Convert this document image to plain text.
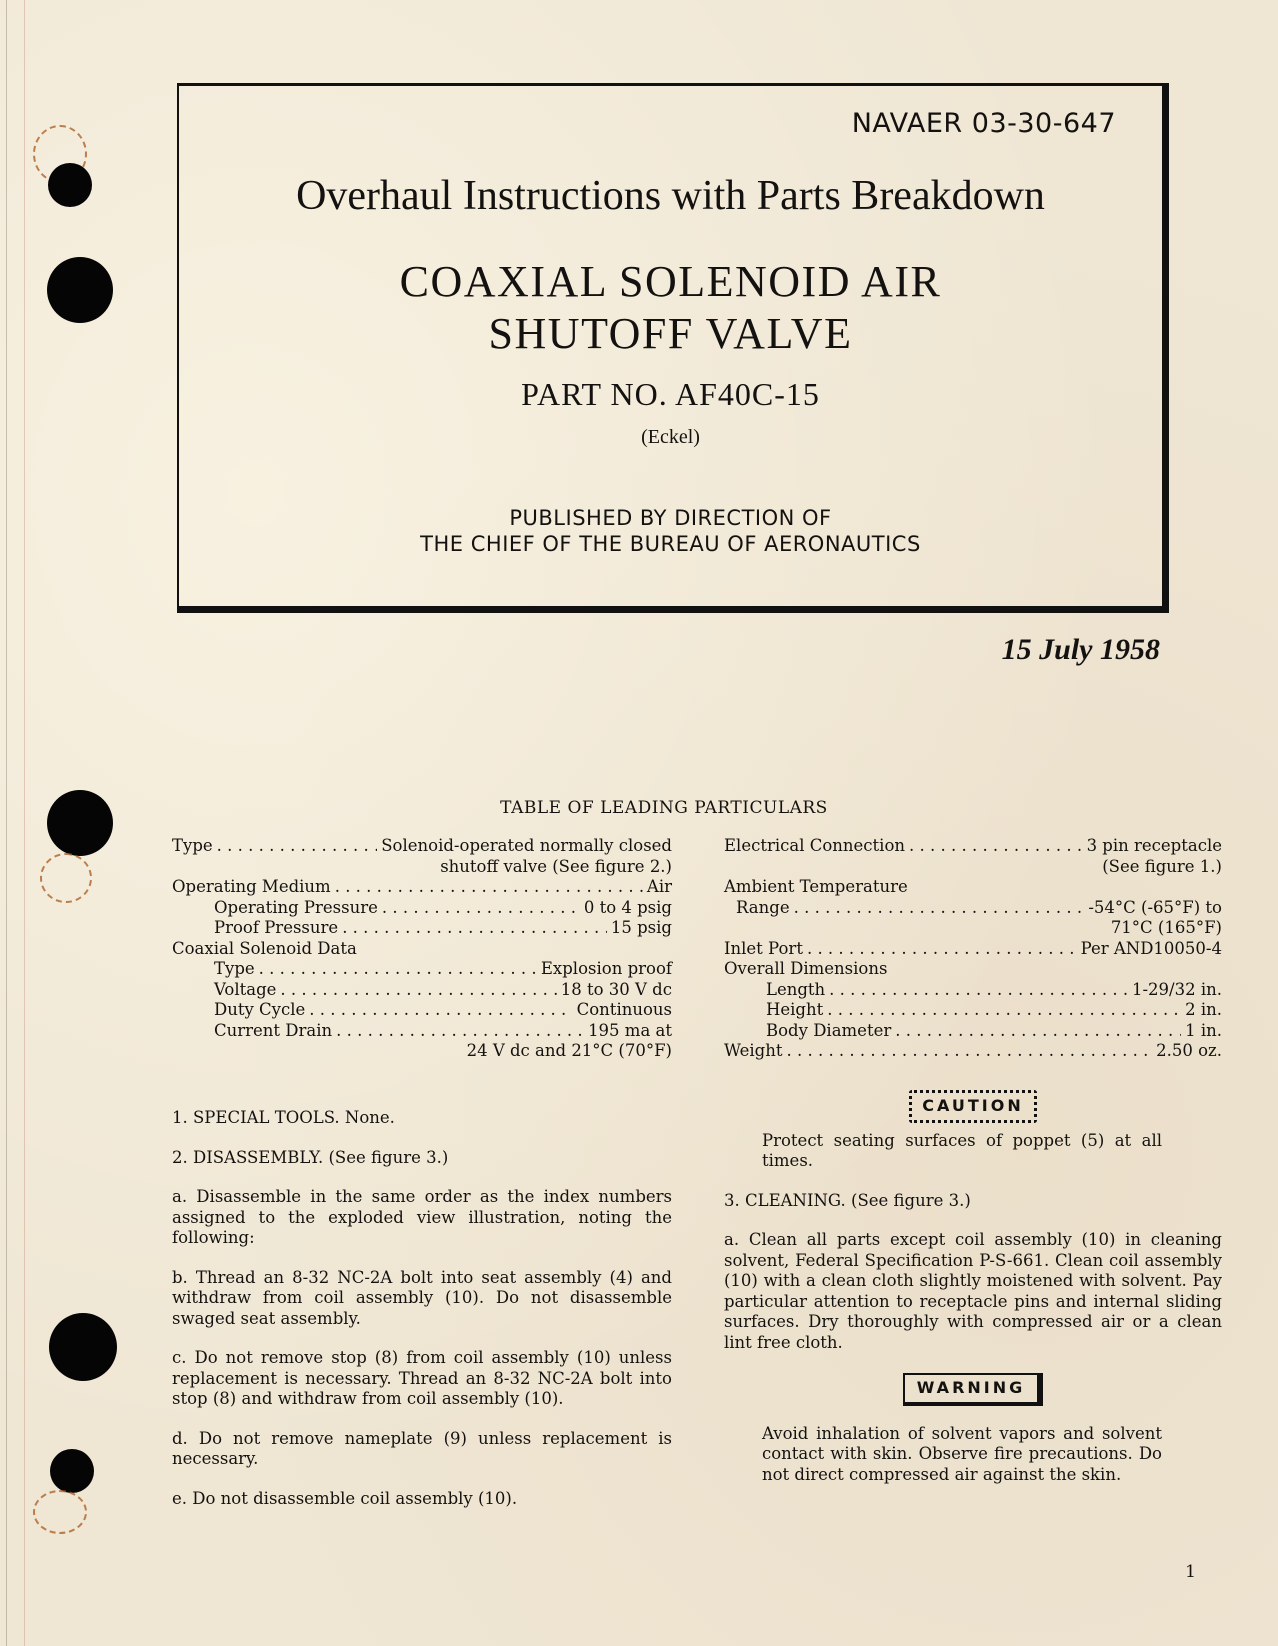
NAVAER 03-30-647
Overhaul Instructions with Parts Breakdown
COAXIAL SOLENOID AIR
SHUTOFF VALVE
PART NO. AF40C-15
(Eckel)
PUBLISHED BY DIRECTION OF
THE CHIEF OF THE BUREAU OF AERONAUTICS
15 July 1958
TABLE OF LEADING PARTICULARS
Type . . .	Solenoid-operated normally closed
shutoff valve (See figure 2.)
Operating Medium . . .	Air
Operating Pressure . . .	0 to 4 psig
Proof Pressure . . .	15 psig
Coaxial Solenoid Data
Type . . .	Explosion proof
Voltage . . .	18 to 30 V dc
Duty Cycle . . .	Continuous
Current Drain . . .	195 ma at
24 V dc and 21°C (70°F)
Electrical Connection . . .	3 pin receptacle
(See figure 1.)
Ambient Temperature
Range . . .	-54°C (-65°F) to
71°C (165°F)
Inlet Port . . .	Per AND10050-4
Overall Dimensions
Length . . .	1-29/32 in.
Height . . .	2 in.
Body Diameter . . .	1 in.
Weight . . .	2.50 oz.
1. SPECIAL TOOLS. None.
2. DISASSEMBLY. (See figure 3.)
a. Disassemble in the same order as the index numbers assigned to the exploded view illustration, noting the following:
b. Thread an 8-32 NC-2A bolt into seat assembly (4) and withdraw from coil assembly (10). Do not disassemble swaged seat assembly.
c. Do not remove stop (8) from coil assembly (10) unless replacement is necessary. Thread an 8-32 NC-2A bolt into stop (8) and withdraw from coil assembly (10).
d. Do not remove nameplate (9) unless replacement is necessary.
e. Do not disassemble coil assembly (10).
CAUTION
Protect seating surfaces of poppet (5) at all times.
3. CLEANING. (See figure 3.)
a. Clean all parts except coil assembly (10) in cleaning solvent, Federal Specification P-S-661. Clean coil assembly (10) with a clean cloth slightly moistened with solvent. Pay particular attention to receptacle pins and internal sliding surfaces. Dry thoroughly with compressed air or a clean lint free cloth.
WARNING
Avoid inhalation of solvent vapors and solvent contact with skin. Observe fire precautions. Do not direct compressed air against the skin.
1
